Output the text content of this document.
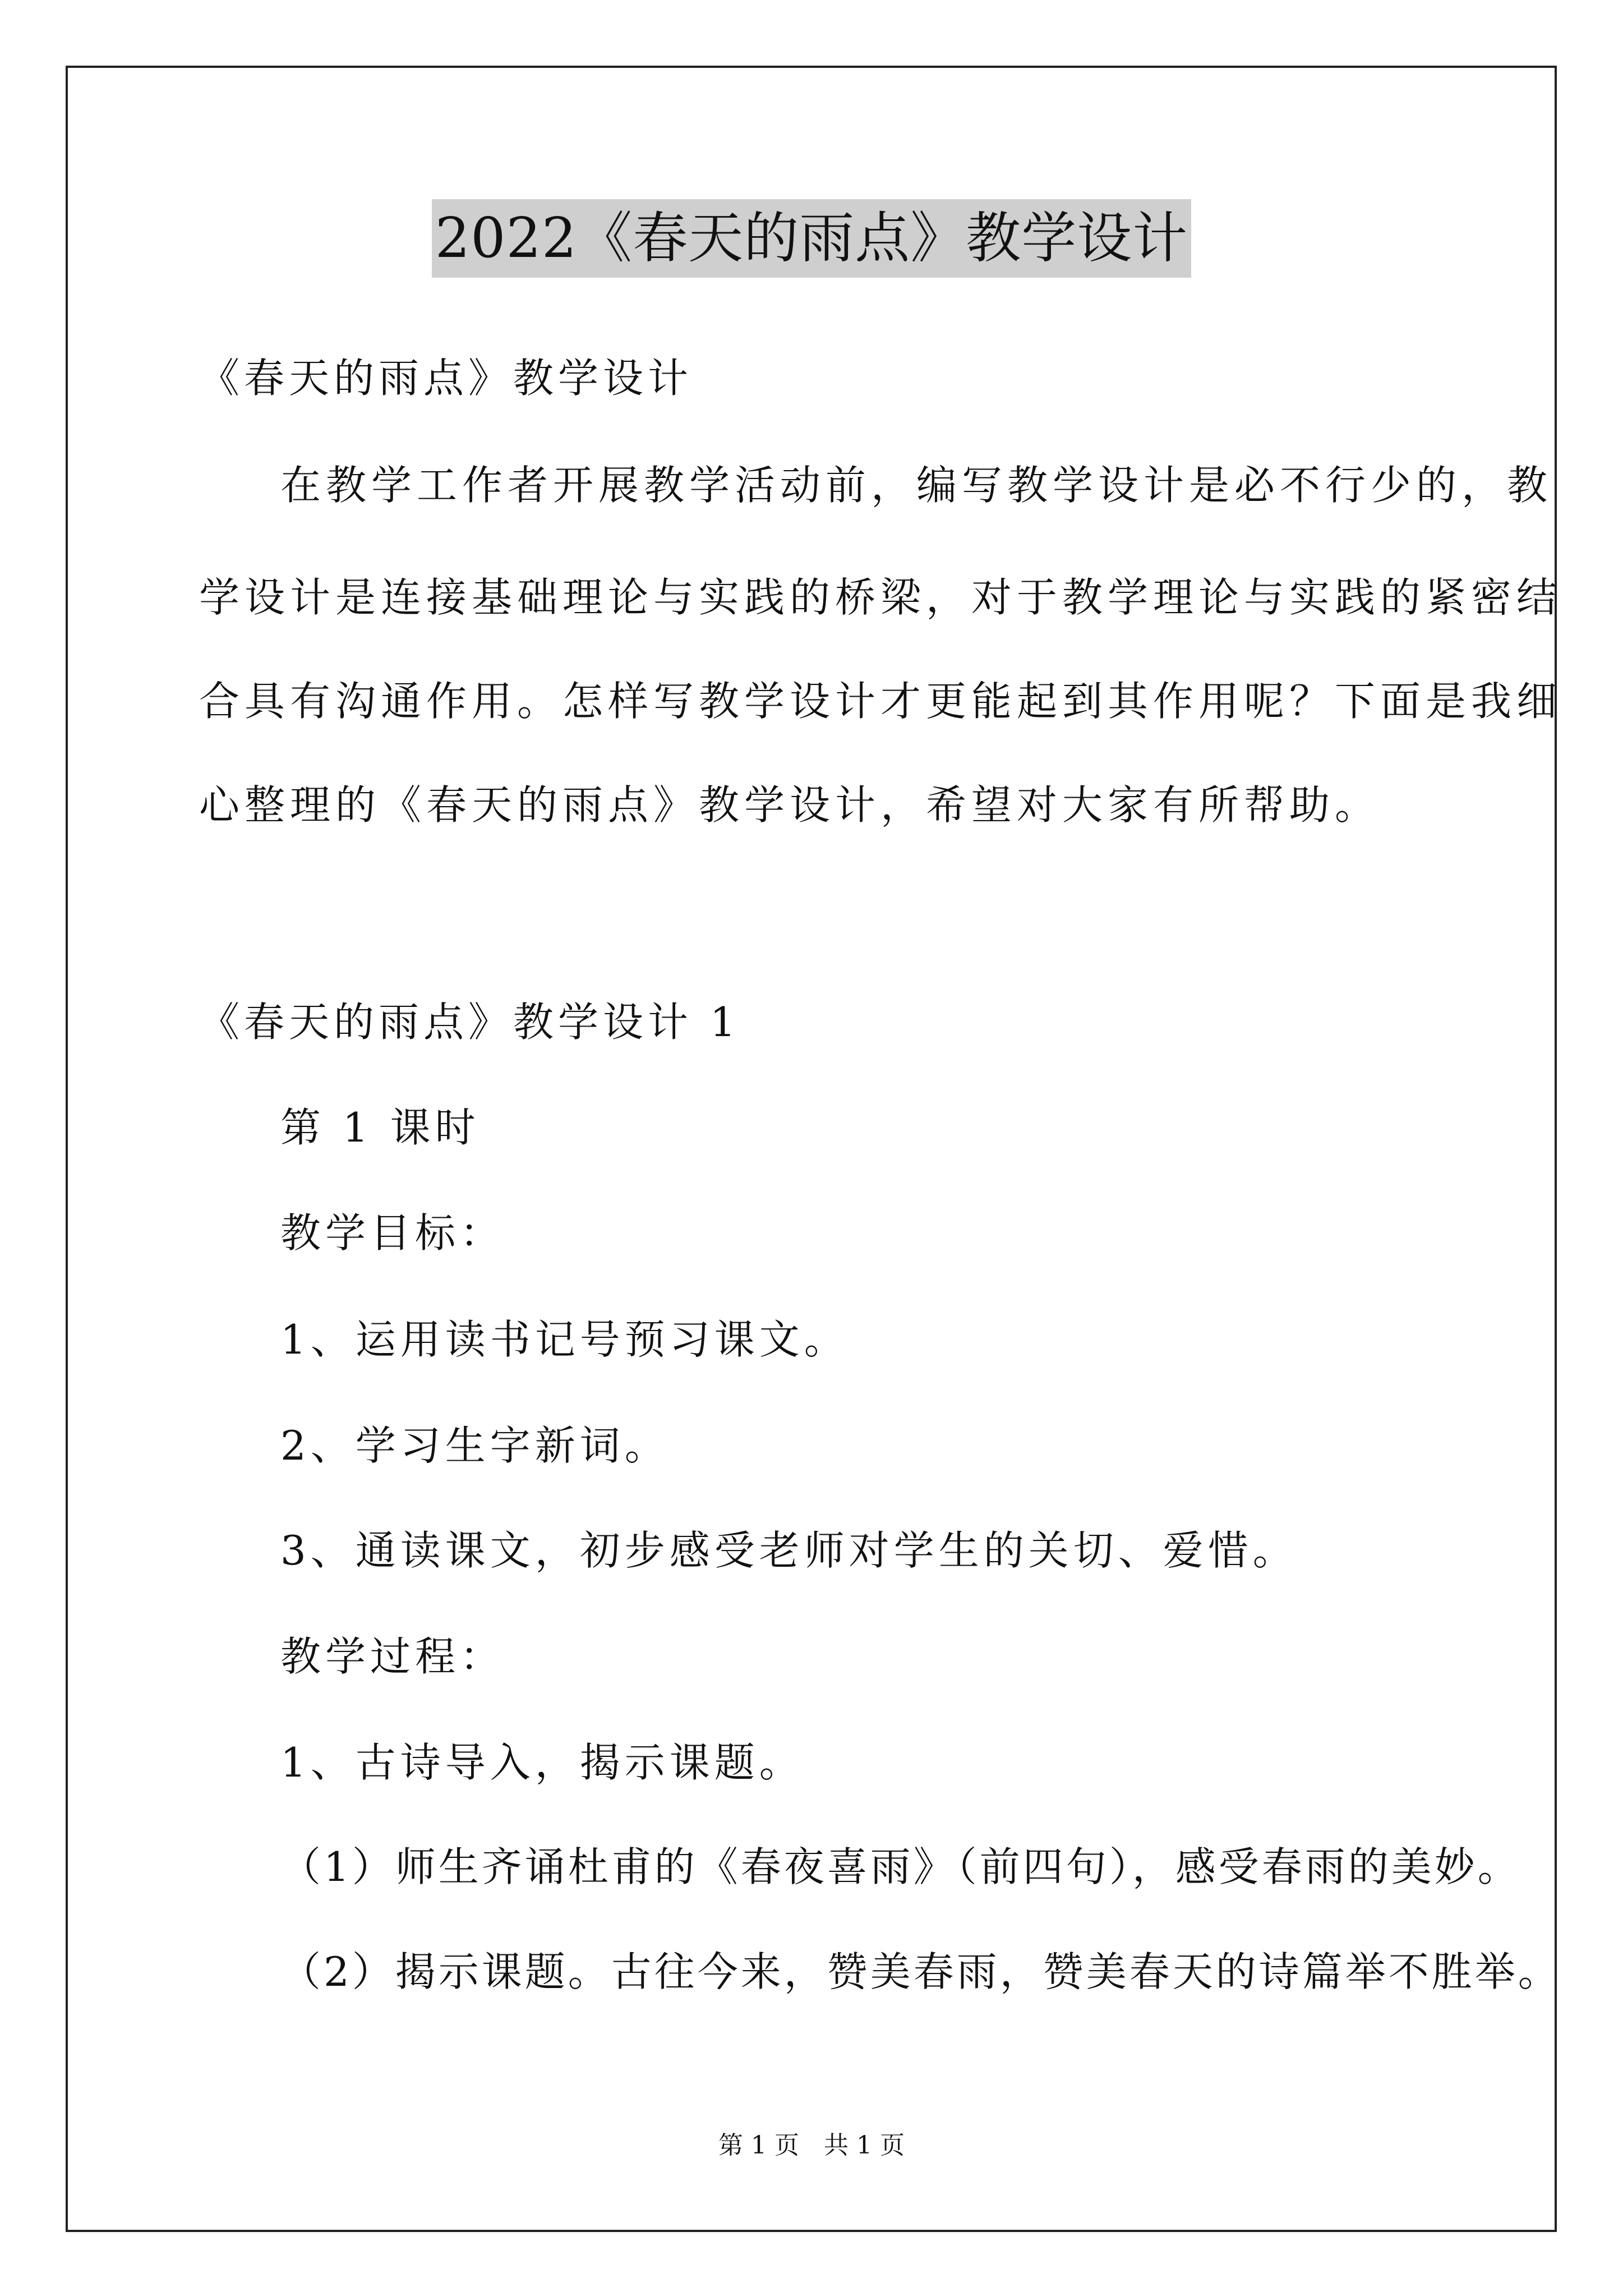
2022《春天的雨点》教学设计
《春天的雨点》教学设计
在教学工作者开展教学活动前，编写教学设计是必不行少的，教
学设计是连接基础理论与实践的桥梁，对于教学理论与实践的紧密结
合具有沟通作用。怎样写教学设计才更能起到其作用呢？下面是我细
心整理的《春天的雨点》教学设计，希望对大家有所帮助。
《春天的雨点》教学设计 1
第 1 课时
教学目标：
1、运用读书记号预习课文。
2、学习生字新词。
3、通读课文，初步感受老师对学生的关切、爱惜。
教学过程：
1、古诗导入，揭示课题。
（1）师生齐诵杜甫的《春夜喜雨》（前四句），感受春雨的美妙。
（2）揭示课题。古往今来，赞美春雨，赞美春天的诗篇举不胜举。
第 1 页　共 1 页
